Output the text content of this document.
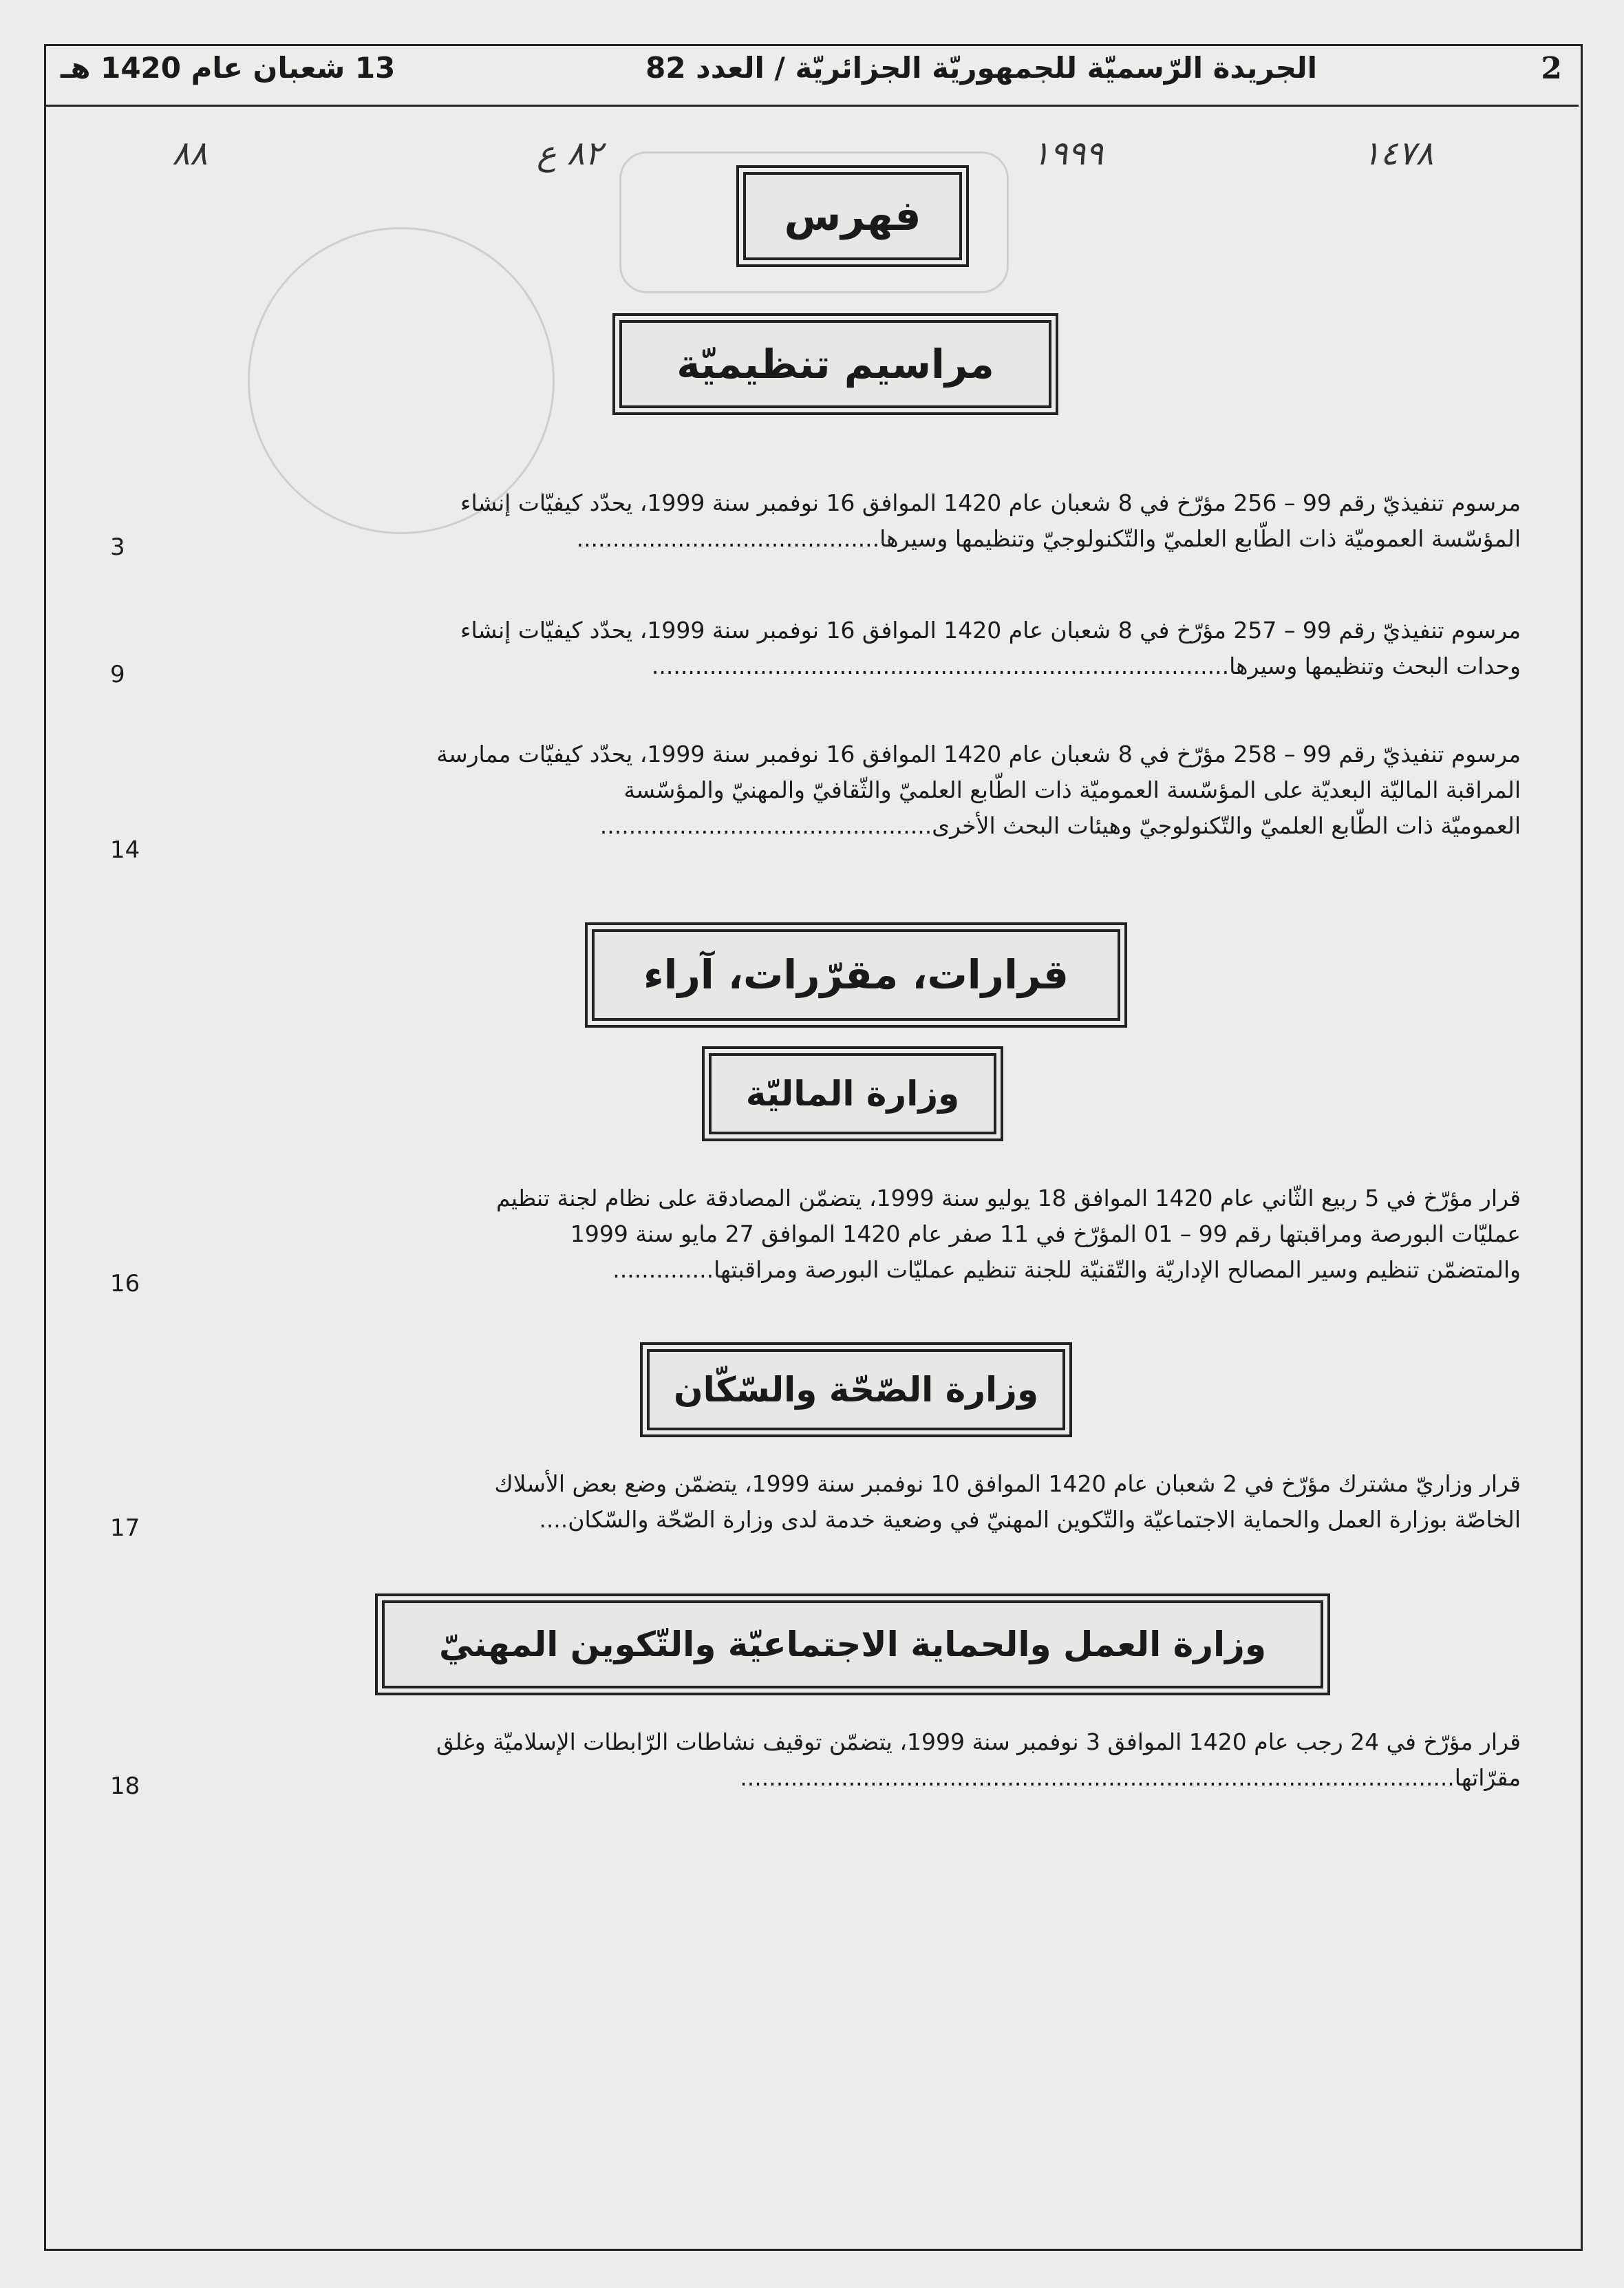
2
الجريدة الرّسميّة للجمهوريّة الجزائريّة / العدد 82
13 شعبان عام 1420 هـ
٨٨	٨٢ ع	١٩٩٩	١٤٧٨
فهرس
مراسيم تنظيميّة

مرسوم تنفيذيّ رقم 99 – 256 مؤرّخ في 8 شعبان عام 1420 الموافق 16 نوفمبر سنة 1999، يحدّد كيفيّات إنشاء

المؤسّسة العموميّة ذات الطّابع العلميّ والتّكنولوجيّ وتنظيمها وسيرها..........................................

3

مرسوم تنفيذيّ رقم 99 – 257 مؤرّخ في 8 شعبان عام 1420 الموافق 16 نوفمبر سنة 1999، يحدّد كيفيّات إنشاء

وحدات البحث وتنظيمها وسيرها................................................................................

9

مرسوم تنفيذيّ رقم 99 – 258 مؤرّخ في 8 شعبان عام 1420 الموافق 16 نوفمبر سنة 1999، يحدّد كيفيّات ممارسة

المراقبة الماليّة البعديّة على المؤسّسة العموميّة ذات الطّابع العلميّ والثّقافيّ والمهنيّ والمؤسّسة

العموميّة ذات الطّابع العلميّ والتّكنولوجيّ وهيئات البحث الأخرى..............................................

14
قرارات، مقرّرات، آراء
وزارة الماليّة

قرار مؤرّخ في 5 ربيع الثّاني عام 1420 الموافق 18 يوليو سنة 1999، يتضمّن المصادقة على نظام لجنة تنظيم

عمليّات البورصة ومراقبتها رقم 99 – 01 المؤرّخ في 11 صفر عام 1420 الموافق 27 مايو سنة 1999

والمتضمّن تنظيم وسير المصالح الإداريّة والتّقنيّة للجنة تنظيم عمليّات البورصة ومراقبتها..............

16
وزارة الصّحّة والسّكّان

قرار وزاريّ مشترك مؤرّخ في 2 شعبان عام 1420 الموافق 10 نوفمبر سنة 1999، يتضمّن وضع بعض الأسلاك

الخاصّة بوزارة العمل والحماية الاجتماعيّة والتّكوين المهنيّ في وضعية خدمة لدى وزارة الصّحّة والسّكان....

17
وزارة العمل والحماية الاجتماعيّة والتّكوين المهنيّ

قرار مؤرّخ في 24 رجب عام 1420 الموافق 3 نوفمبر سنة 1999، يتضمّن توقيف نشاطات الرّابطات الإسلاميّة وغلق

مقرّاتها...................................................................................................

18
